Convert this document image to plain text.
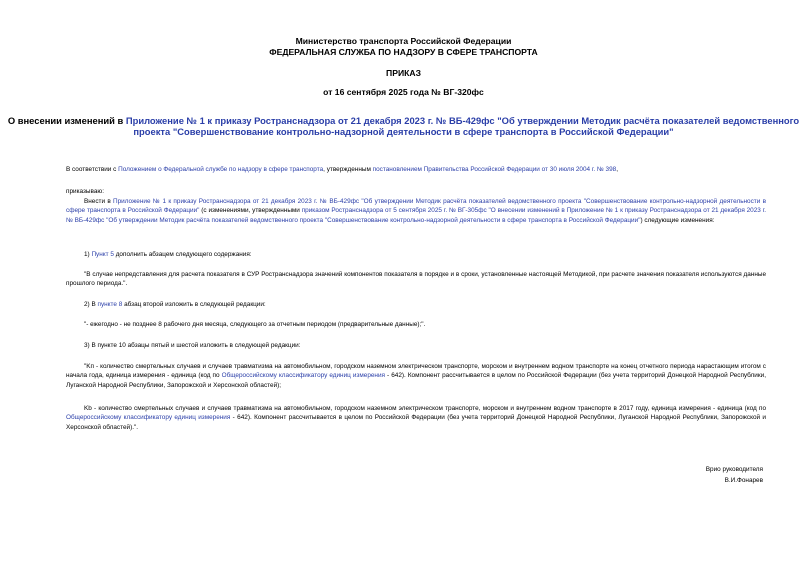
Министерство транспорта Российской Федерации
ФЕДЕРАЛЬНАЯ СЛУЖБА ПО НАДЗОРУ В СФЕРЕ ТРАНСПОРТА
ПРИКАЗ
от 16 сентября 2025 года № ВГ-320фс
О внесении изменений в Приложение № 1 к приказу Ространснадзора от 21 декабря 2023 г. № ВБ-429фс "Об утверждении Методик расчёта показателей ведомственного проекта "Совершенствование контрольно-надзорной деятельности в сфере транспорта в Российской Федерации"
В соответствии с Положением о Федеральной службе по надзору в сфере транспорта, утвержденным постановлением Правительства Российской Федерации от 30 июля 2004 г. № 398,
приказываю:
Внести в Приложение № 1 к приказу Ространснадзора от 21 декабря 2023 г. № ВБ-429фс "Об утверждении Методик расчёта показателей ведомственного проекта "Совершенствование контрольно-надзорной деятельности в сфере транспорта в Российской Федерации" (с изменениями, утвержденными приказом Ространснадзора от 5 сентября 2025 г. № ВГ-305фс "О внесении изменений в Приложение № 1 к приказу Ространснадзора от 21 декабря 2023 г. № ВБ-429фс "Об утверждении Методик расчёта показателей ведомственного проекта "Совершенствование контрольно-надзорной деятельности в сфере транспорта в Российской Федерации") следующие изменения:
1) Пункт 5 дополнить абзацем следующего содержания:
"В случае непредставления для расчета показателя в СУР Ространснадзора значений компонентов показателя в порядке и в сроки, установленные настоящей Методикой, при расчете значения показателя используются данные прошлого периода.".
2) В пункте 8 абзац второй изложить в следующей редакции:
"- ежегодно - не позднее 8 рабочего дня месяца, следующего за отчетным периодом (предварительные данные);".
3) В пункте 10 абзацы пятый и шестой изложить в следующей редакции:
"Kп - количество смертельных случаев и случаев травматизма на автомобильном, городском наземном электрическом транспорте, морском и внутреннем водном транспорте на конец отчетного периода нарастающим итогом с начала года, единица измерения - единица (код по Общероссийскому классификатору единиц измерения - 642). Компонент рассчитывается в целом по Российской Федерации (без учета территорий Донецкой Народной Республики, Луганской Народной Республики, Запорожской и Херсонской областей);
Kb - количество смертельных случаев и случаев травматизма на автомобильном, городском наземном электрическом транспорте, морском и внутреннем водном транспорте в 2017 году, единица измерения - единица (код по Общероссийскому классификатору единиц измерения - 642). Компонент рассчитывается в целом по Российской Федерации (без учета территорий Донецкой Народной Республики, Луганской Народной Республики, Запорожской и Херсонской областей).".
Врио руководителя
В.И.Фонарев
